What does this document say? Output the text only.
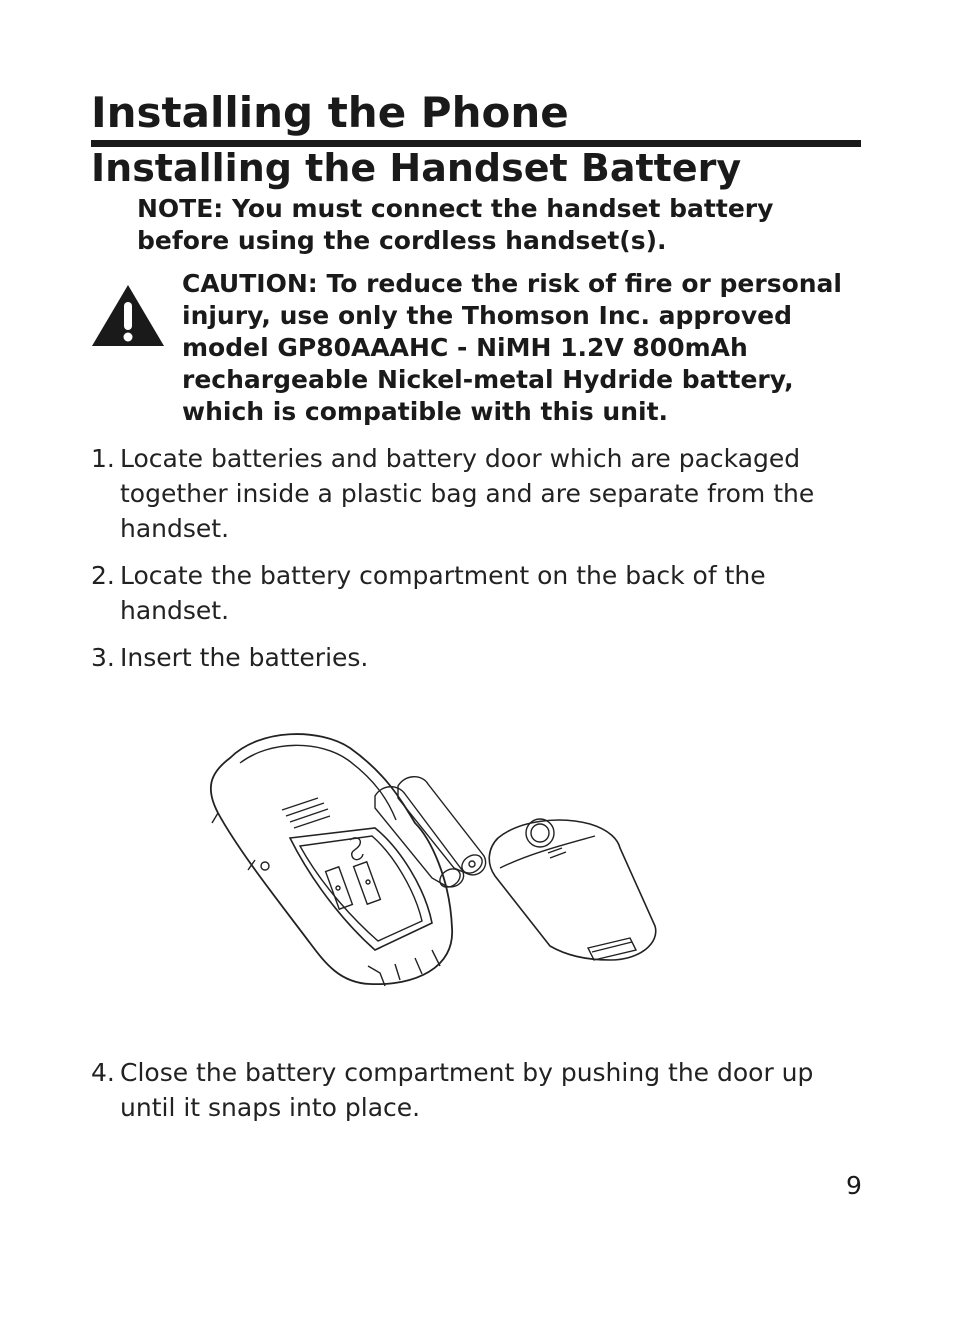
Installing the Phone
Installing the Handset Battery
NOTE: You must connect the handset battery before using the cordless handset(s).
CAUTION: To reduce the risk of fire or personal injury, use only the Thomson Inc. approved model GP80AAAHC - NiMH 1.2V 800mAh rechargeable Nickel-metal Hydride battery, which is compatible with this unit.
1. Locate batteries and battery door which are packaged together inside a plastic bag and are separate from the handset.
2. Locate the battery compartment on the back of the handset.
3. Insert the batteries.
4. Close the battery compartment by pushing the door up until it snaps into place.
9
